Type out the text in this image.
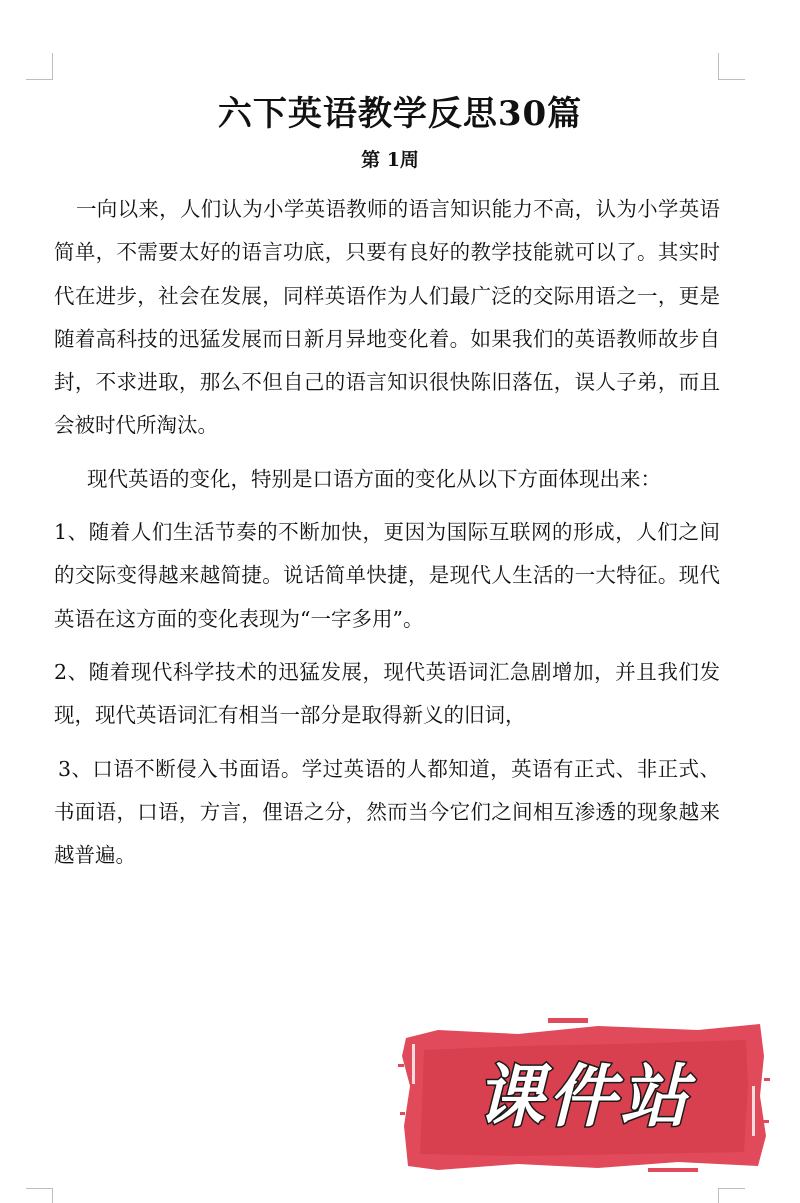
六下英语教学反思30篇
第 1周

一向以来，人们认为小学英语教师的语言知识能力不高，认为小学英语简单，不需要太好的语言功底，只要有良好的教学技能就可以了。其实时代在进步，社会在发展，同样英语作为人们最广泛的交际用语之一，更是随着高科技的迅猛发展而日新月异地变化着。如果我们的英语教师故步自封，不求进取，那么不但自己的语言知识很快陈旧落伍，误人子弟，而且会被时代所淘汰。

现代英语的变化，特别是口语方面的变化从以下方面体现出来：

1、随着人们生活节奏的不断加快，更因为国际互联网的形成，人们之间的交际变得越来越简捷。说话简单快捷，是现代人生活的一大特征。现代英语在这方面的变化表现为“一字多用”。

2、随着现代科学技术的迅猛发展，现代英语词汇急剧增加，并且我们发现，现代英语词汇有相当一部分是取得新义的旧词，

3、口语不断侵入书面语。学过英语的人都知道，英语有正式、非正式、书面语，口语，方言，俚语之分，然而当今它们之间相互渗透的现象越来越普遍。

课件站
